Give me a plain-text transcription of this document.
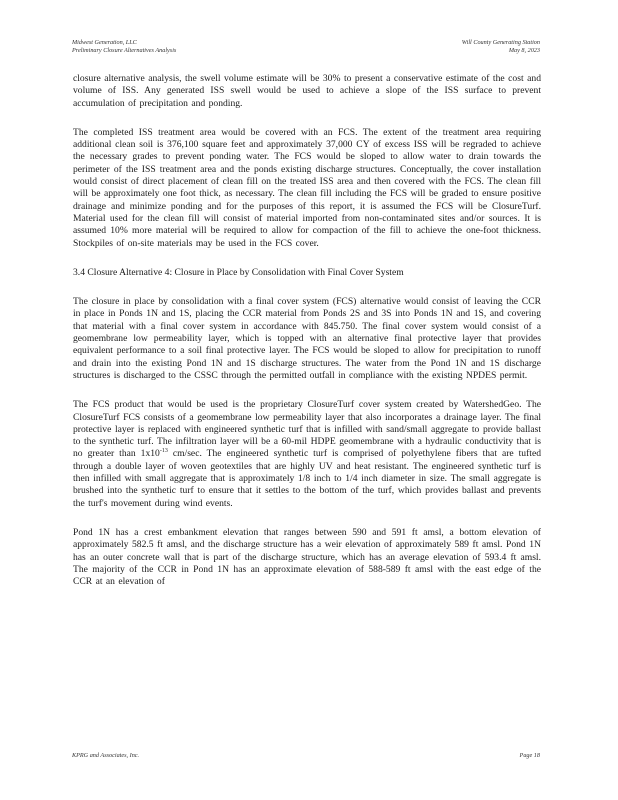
Midwest Generation, LLC
Preliminary Closure Alternatives Analysis
Will County Generating Station
May 8, 2023

closure alternative analysis, the swell volume estimate will be 30% to present a conservative estimate of the cost and volume of ISS. Any generated ISS swell would be used to achieve a slope of the ISS surface to prevent accumulation of precipitation and ponding.

The completed ISS treatment area would be covered with an FCS. The extent of the treatment area requiring additional clean soil is 376,100 square feet and approximately 37,000 CY of excess ISS will be regraded to achieve the necessary grades to prevent ponding water. The FCS would be sloped to allow water to drain towards the perimeter of the ISS treatment area and the ponds existing discharge structures. Conceptually, the cover installation would consist of direct placement of clean fill on the treated ISS area and then covered with the FCS. The clean fill will be approximately one foot thick, as necessary. The clean fill including the FCS will be graded to ensure positive drainage and minimize ponding and for the purposes of this report, it is assumed the FCS will be ClosureTurf. Material used for the clean fill will consist of material imported from non-contaminated sites and/or sources. It is assumed 10% more material will be required to allow for compaction of the fill to achieve the one-foot thickness. Stockpiles of on-site materials may be used in the FCS cover.

3.4 Closure Alternative 4: Closure in Place by Consolidation with Final Cover System

The closure in place by consolidation with a final cover system (FCS) alternative would consist of leaving the CCR in place in Ponds 1N and 1S, placing the CCR material from Ponds 2S and 3S into Ponds 1N and 1S, and covering that material with a final cover system in accordance with 845.750. The final cover system would consist of a geomembrane low permeability layer, which is topped with an alternative final protective layer that provides equivalent performance to a soil final protective layer. The FCS would be sloped to allow for precipitation to runoff and drain into the existing Pond 1N and 1S discharge structures. The water from the Pond 1N and 1S discharge structures is discharged to the CSSC through the permitted outfall in compliance with the existing NPDES permit.

The FCS product that would be used is the proprietary ClosureTurf cover system created by WatershedGeo. The ClosureTurf FCS consists of a geomembrane low permeability layer that also incorporates a drainage layer. The final protective layer is replaced with engineered synthetic turf that is infilled with sand/small aggregate to provide ballast to the synthetic turf. The infiltration layer will be a 60-mil HDPE geomembrane with a hydraulic conductivity that is no greater than $1x10^{-13}$ cm/sec. The engineered synthetic turf is comprised of polyethylene fibers that are tufted through a double layer of woven geotextiles that are highly UV and heat resistant. The engineered synthetic turf is then infilled with small aggregate that is approximately 1/8 inch to 1/4 inch diameter in size. The small aggregate is brushed into the synthetic turf to ensure that it settles to the bottom of the turf, which provides ballast and prevents the turf's movement during wind events.

Pond 1N has a crest embankment elevation that ranges between 590 and 591 ft amsl, a bottom elevation of approximately 582.5 ft amsl, and the discharge structure has a weir elevation of approximately 589 ft amsl. Pond 1N has an outer concrete wall that is part of the discharge structure, which has an average elevation of 593.4 ft amsl. The majority of the CCR in Pond 1N has an approximate elevation of 588-589 ft amsl with the east edge of the CCR at an elevation of

KPRG and Associates, Inc.	Page 18
